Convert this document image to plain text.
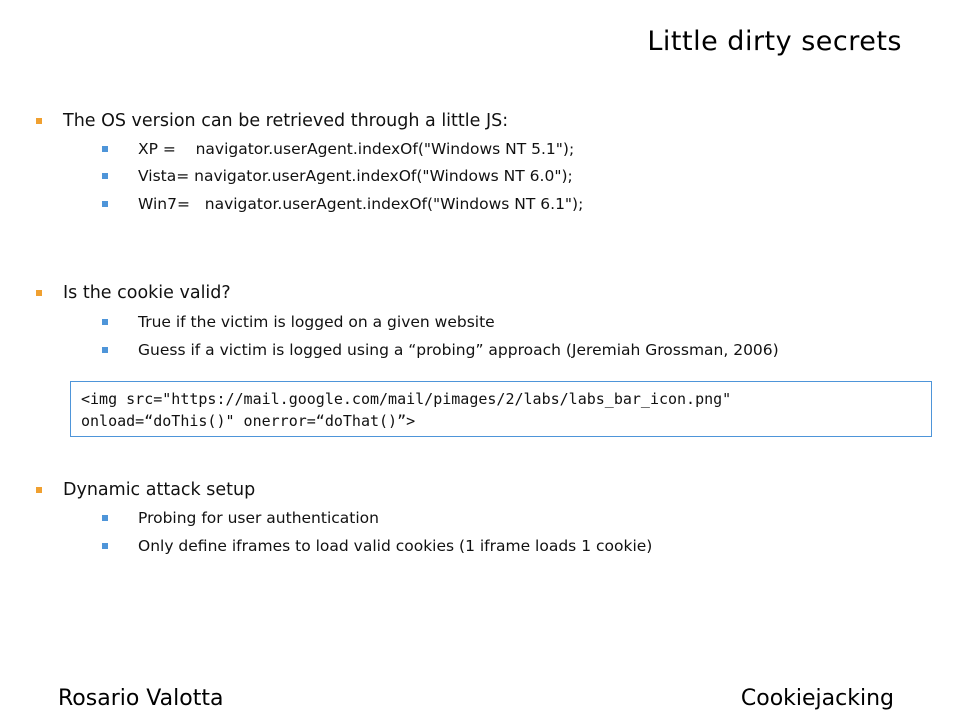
Little dirty secrets
The OS version can be retrieved through a little JS:
XP =    navigator.userAgent.indexOf("Windows NT 5.1");
Vista= navigator.userAgent.indexOf("Windows NT 6.0");
Win7=   navigator.userAgent.indexOf("Windows NT 6.1");
Is the cookie valid?
True if the victim is logged on a given website
Guess if a victim is logged using a “probing” approach (Jeremiah Grossman, 2006)
<img src="https://mail.google.com/mail/pimages/2/labs/labs_bar_icon.png"
onload=“doThis()" onerror=“doThat()”>
Dynamic attack setup
Probing for user authentication
Only define iframes to load valid cookies (1 iframe loads 1 cookie)
Rosario Valotta	Cookiejacking
